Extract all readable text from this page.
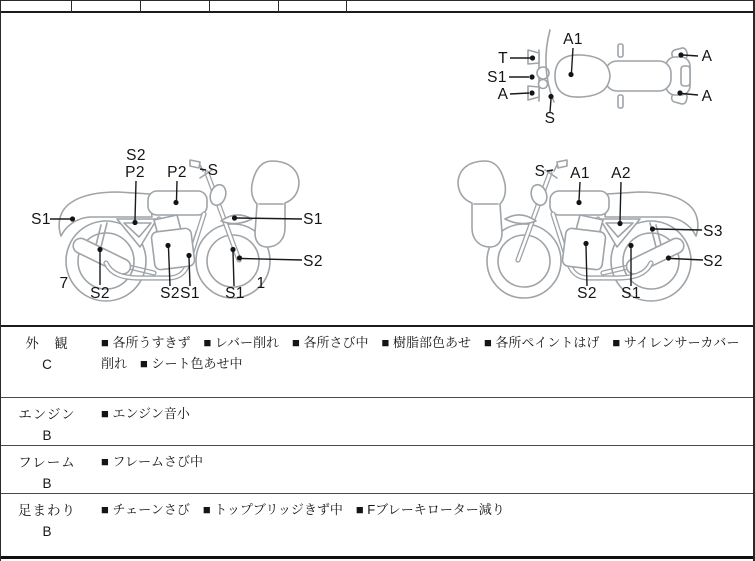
T
S1
A
A1
S
A
A
S2
P2 P2 S
S1	S1
S2
7
S2	S2 S1 S1
1
S A1 A2
S3
S2
S2 S1
外　観
C
■ 各所うすきず　■ レバー削れ　■ 各所さび中　■ 樹脂部色あせ　■ 各所ペイントはげ　■ サイレンサーカバー削れ　■ シート色あせ中
エンジン
B
■ エンジン音小
フレーム
B
■ フレームさび中
足まわり
B
■ チェーンさび　■ トップブリッジきず中　■ Fブレーキローター減り
